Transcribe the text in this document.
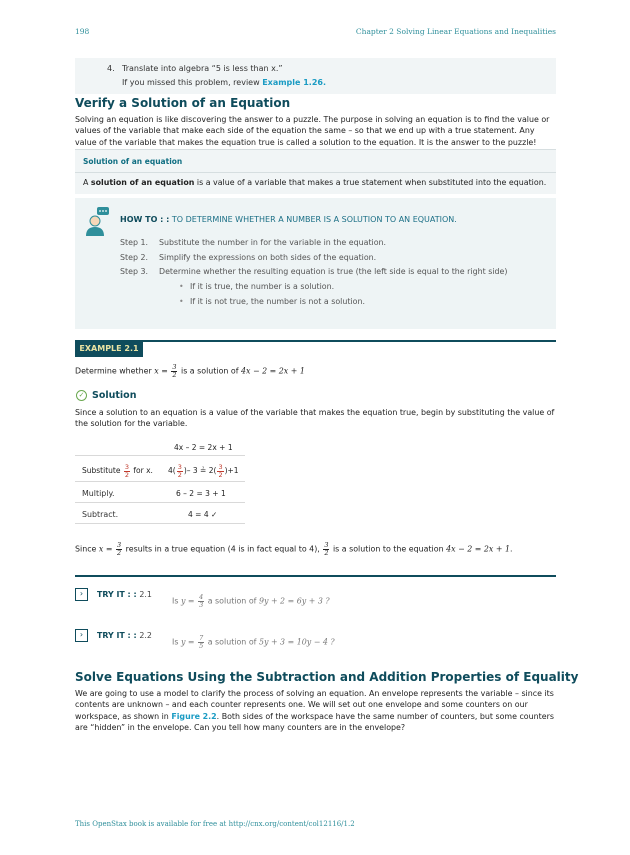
198	Chapter 2 Solving Linear Equations and Inequalities
4. Translate into algebra “5 is less than x.”
If you missed this problem, review Example 1.26.
Verify a Solution of an Equation

Solving an equation is like discovering the answer to a puzzle. The purpose in solving an equation is to find the value or values of the variable that make each side of the equation the same – so that we end up with a true statement. Any value of the variable that makes the equation true is called a solution to the equation. It is the answer to the puzzle!

Solution of an equation
A solution of an equation is a value of a variable that makes a true statement when substituted into the equation.
HOW TO : : TO DETERMINE WHETHER A NUMBER IS A SOLUTION TO AN EQUATION.
Step 1. Substitute the number in for the variable in the equation.
Step 2. Simplify the expressions on both sides of the equation.
Step 3. Determine whether the resulting equation is true (the left side is equal to the right side)
• If it is true, the number is a solution.
• If it is not true, the number is not a solution.
EXAMPLE 2.1
Determine whether $x = \frac{3}{2}$ is a solution of 4x − 2 = 2x + 1
✓ Solution

Since a solution to an equation is a value of the variable that makes the equation true, begin by substituting the value of the solution for the variable.

4x – 2 = 2x + 1
Substitute $\frac{3}{2}$ for x. $4( \frac{3}{2}$ )– 3 ≟ $2( \frac{3}{2} )+1$
Multiply.	6 – 2 = 3 + 1
Subtract.	4 = 4 ✓
Since $x = \frac{3}{2}$ results in a true equation (4 is in fact equal to 4), $\frac{3}{2}$ is a solution to the equation 4x − 2 = 2x + 1.
›	TRY IT : : 2.1
Is $y = \frac{4}{3}$ a solution of 9y + 2 = 6y + 3 ?
›	TRY IT : : 2.2
Is $y = \frac{7}{5}$ a solution of 5y + 3 = 10y − 4 ?
Solve Equations Using the Subtraction and Addition Properties of Equality

We are going to use a model to clarify the process of solving an equation. An envelope represents the variable – since its contents are unknown – and each counter represents one. We will set out one envelope and some counters on our workspace, as shown in Figure 2.2. Both sides of the workspace have the same number of counters, but some counters are “hidden” in the envelope. Can you tell how many counters are in the envelope?

This OpenStax book is available for free at http://cnx.org/content/col12116/1.2
